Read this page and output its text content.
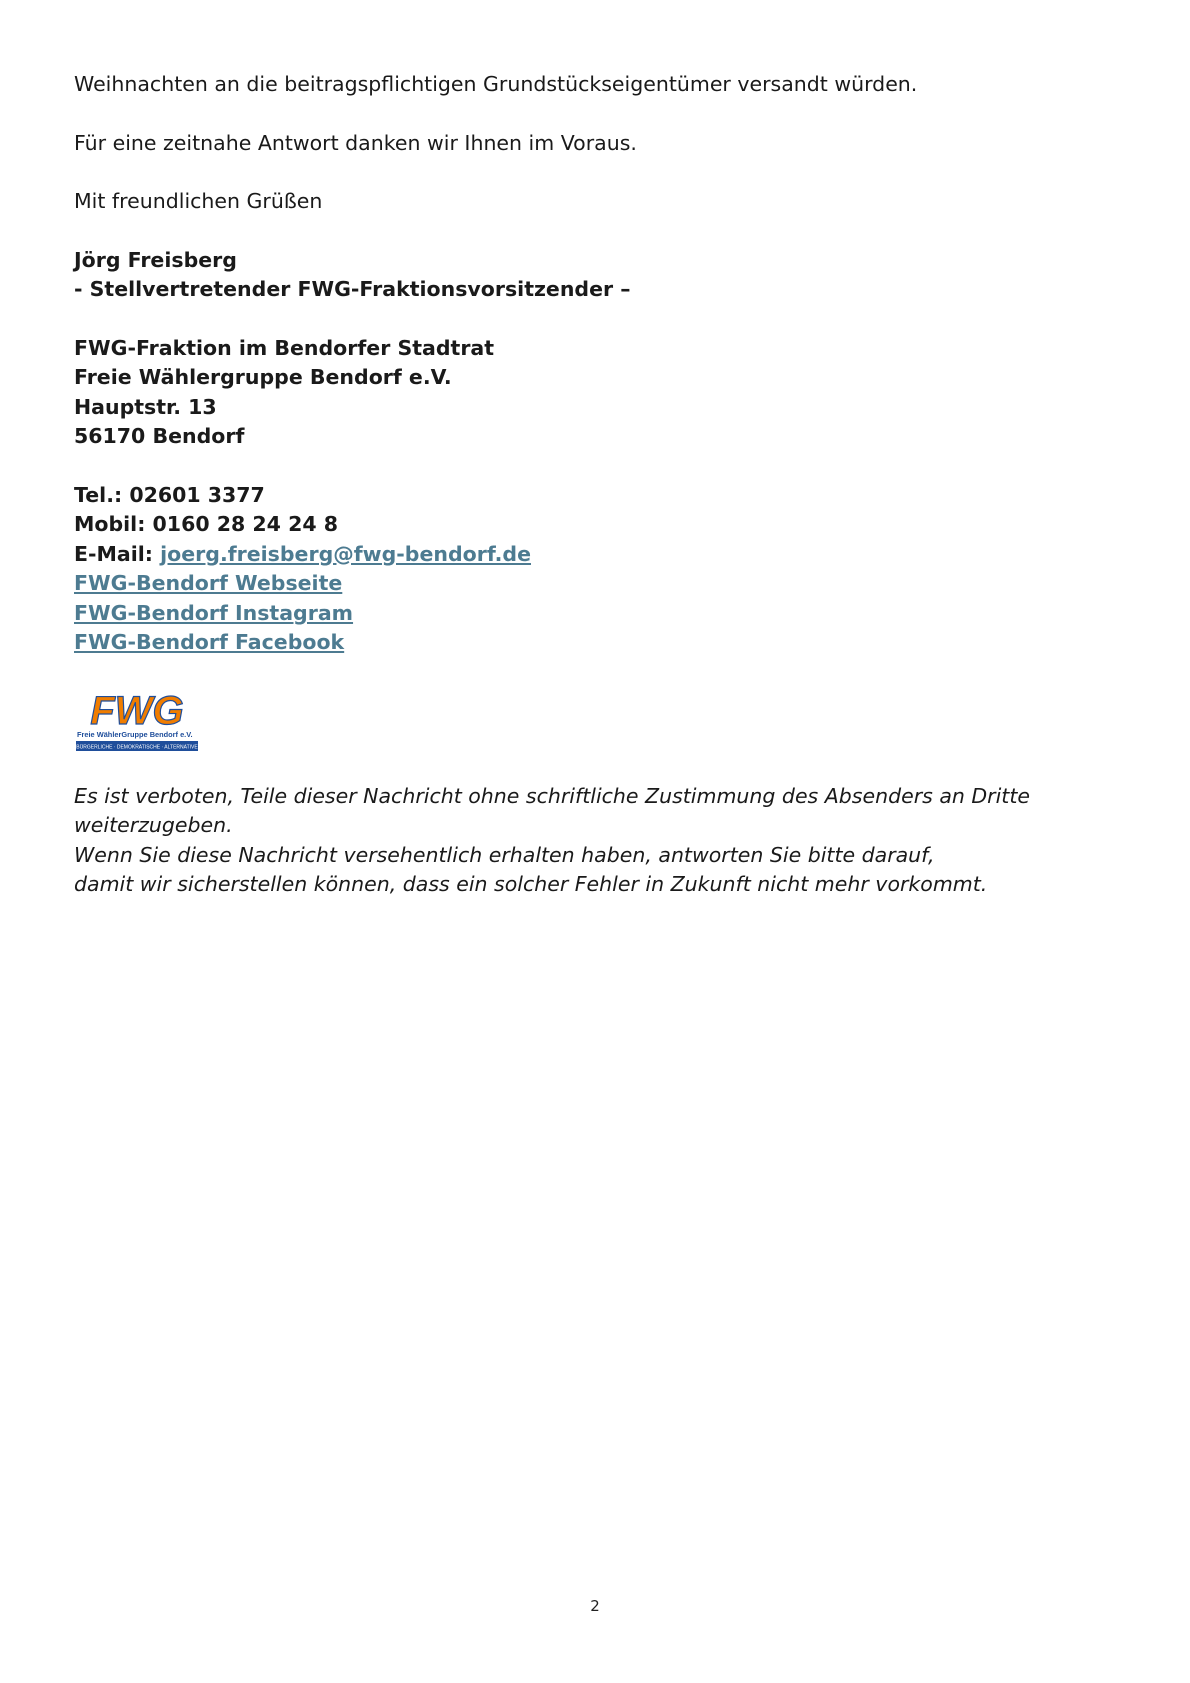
Weihnachten an die beitragspflichtigen Grundstückseigentümer versandt würden.

Für eine zeitnahe Antwort danken wir Ihnen im Voraus.

Mit freundlichen Grüßen

Jörg Freisberg

- Stellvertretender FWG-Fraktionsvorsitzender –

FWG-Fraktion im Bendorfer Stadtrat

Freie Wählergruppe Bendorf e.V.

Hauptstr. 13

56170 Bendorf

Tel.: 02601 3377

Mobil: 0160 28 24 24 8

E-Mail: joerg.freisberg@fwg-bendorf.de

FWG-Bendorf Webseite

FWG-Bendorf Instagram

FWG-Bendorf Facebook

FWG
Freie WählerGruppe Bendorf e.V.
BÜRGERLICHE · DEMOKRATISCHE · ALTERNATIVE

Es ist verboten, Teile dieser Nachricht ohne schriftliche Zustimmung des Absenders an Dritte

weiterzugeben.

Wenn Sie diese Nachricht versehentlich erhalten haben, antworten Sie bitte darauf,

damit wir sicherstellen können, dass ein solcher Fehler in Zukunft nicht mehr vorkommt.

2
